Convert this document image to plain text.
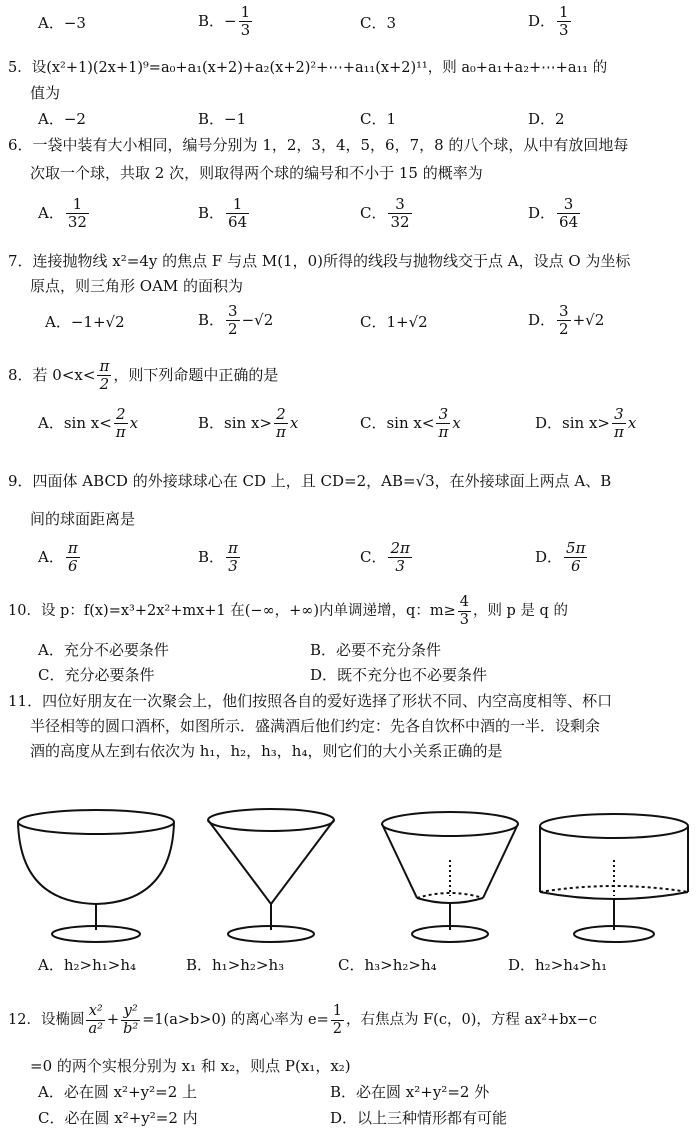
A．−3	B．− $\frac{1}{3}$	C．3	D． $\frac{1}{3}$
5．设(x²+1)(2x+1)⁹=a₀+a₁(x+2)+a₂(x+2)²+⋯+a₁₁(x+2)¹¹，则 a₀+a₁+a₂+⋯+a₁₁ 的
值为
A．−2	B．−1	C．1	D．2
6．一袋中装有大小相同，编号分别为 1，2，3，4，5，6，7，8 的八个球，从中有放回地每
次取一个球，共取 2 次，则取得两个球的编号和不小于 15 的概率为
A． $\frac{1}{32}$	B． $\frac{1}{64}$	C． $\frac{3}{32}$	D． $\frac{3}{64}$
7．连接抛物线 x²=4y 的焦点 F 与点 M(1，0)所得的线段与抛物线交于点 A，设点 O 为坐标
原点，则三角形 OAM 的面积为
A．−1+√2	B． $\frac{3}{2} -√2$	C．1+√2	D． $\frac{3}{2} +√2$
8．若 $0<x< \frac{\pi}{2}$ ，则下列命题中正确的是
A．$\sin x< \frac{2}{\pi}$ x	B．$\sin x> \frac{2}{\pi}$ x	C．$\sin x< \frac{3}{\pi}$ x	D．$\sin x> \frac{3}{\pi}$ x
9．四面体 ABCD 的外接球球心在 CD 上，且 CD=2，AB=√3，在外接球面上两点 A、B
间的球面距离是
A． $\frac{\pi}{6}$	B． $\frac{\pi}{3}$	C． $\frac{2\pi}{3}$	D． $\frac{5\pi}{6}$
10．设 p：f(x)=x³+2x²+mx+1 在(−∞，+∞)内单调递增，q：$m\ge \frac{4}{3}$ ，则 p 是 q 的
A．充分不必要条件	B．必要不充分条件
C．充分必要条件	D．既不充分也不必要条件
11．四位好朋友在一次聚会上，他们按照各自的爱好选择了形状不同、内空高度相等、杯口
半径相等的圆口酒杯，如图所示．盛满酒后他们约定：先各自饮杯中酒的一半．设剩余
酒的高度从左到右依次为 h₁，h₂，h₃，h₄，则它们的大小关系正确的是
A．h₂>h₁>h₄	B．h₁>h₂>h₃	C．h₃>h₂>h₄	D．h₂>h₄>h₁
12．设椭圆 $\frac{\text{x²}}{\text{a²}} + \frac{\text{y²}}{\text{b²}} =1(a>b>0)$ 的离心率为 $e= \frac{1}{2}$ ，右焦点为 F(c，0)，方程 ax²+bx−c
=0 的两个实根分别为 x₁ 和 x₂，则点 P(x₁，x₂)
A．必在圆 x²+y²=2 上	B．必在圆 x²+y²=2 外
C．必在圆 x²+y²=2 内	D．以上三种情形都有可能
